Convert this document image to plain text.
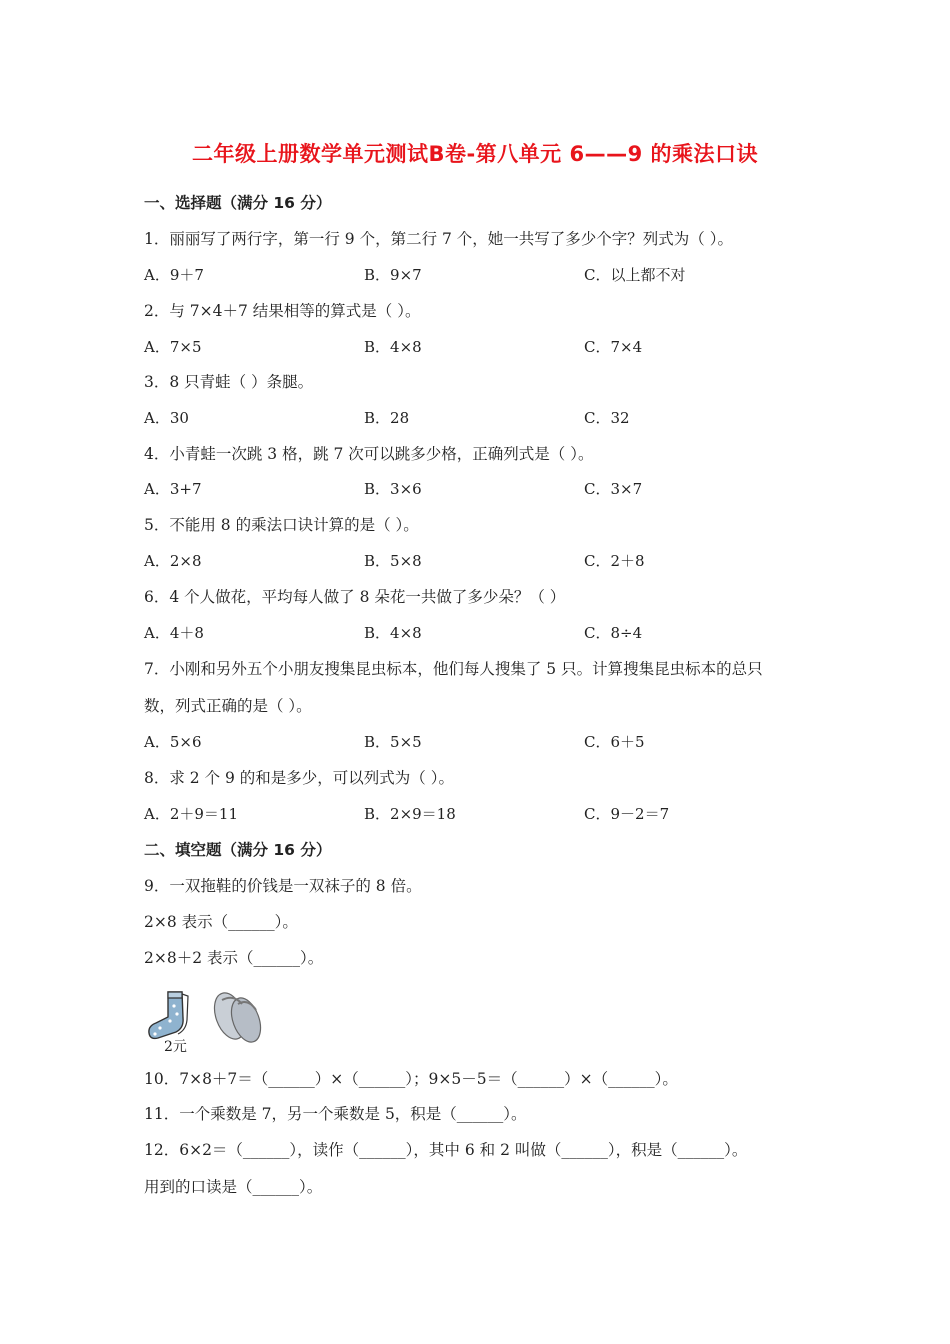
二年级上册数学单元测试B卷-第八单元 6——9 的乘法口诀
一、选择题（满分 16 分）
1．丽丽写了两行字，第一行 9 个，第二行 7 个，她一共写了多少个字？列式为（ ）。
A．9＋7	B．9×7	C．以上都不对
2．与 7×4＋7 结果相等的算式是（ ）。
A．7×5	B．4×8	C．7×4
3．8 只青蛙（ ）条腿。
A．30	B．28	C．32
4．小青蛙一次跳 3 格，跳 7 次可以跳多少格，正确列式是（ ）。
A．3+7	B．3×6	C．3×7
5．不能用 8 的乘法口诀计算的是（ ）。
A．2×8	B．5×8	C．2＋8
6．4 个人做花，平均每人做了 8 朵花一共做了多少朵？（ ）
A．4＋8	B．4×8	C．8÷4
7．小刚和另外五个小朋友搜集昆虫标本，他们每人搜集了 5 只。计算搜集昆虫标本的总只
数，列式正确的是（ ）。
A．5×6	B．5×5	C．6＋5
8．求 2 个 9 的和是多少，可以列式为（ ）。
A．2＋9＝11	B．2×9＝18	C．9－2＝7
二、填空题（满分 16 分）
9．一双拖鞋的价钱是一双袜子的 8 倍。
2×8 表示（______）。
2×8＋2 表示（______）。
2元
10．7×8＋7＝（______）×（______）；9×5－5＝（______）×（______）。
11．一个乘数是 7，另一个乘数是 5，积是（______）。
12．6×2＝（______），读作（______），其中 6 和 2 叫做（______），积是（______）。
用到的口读是（______）。
